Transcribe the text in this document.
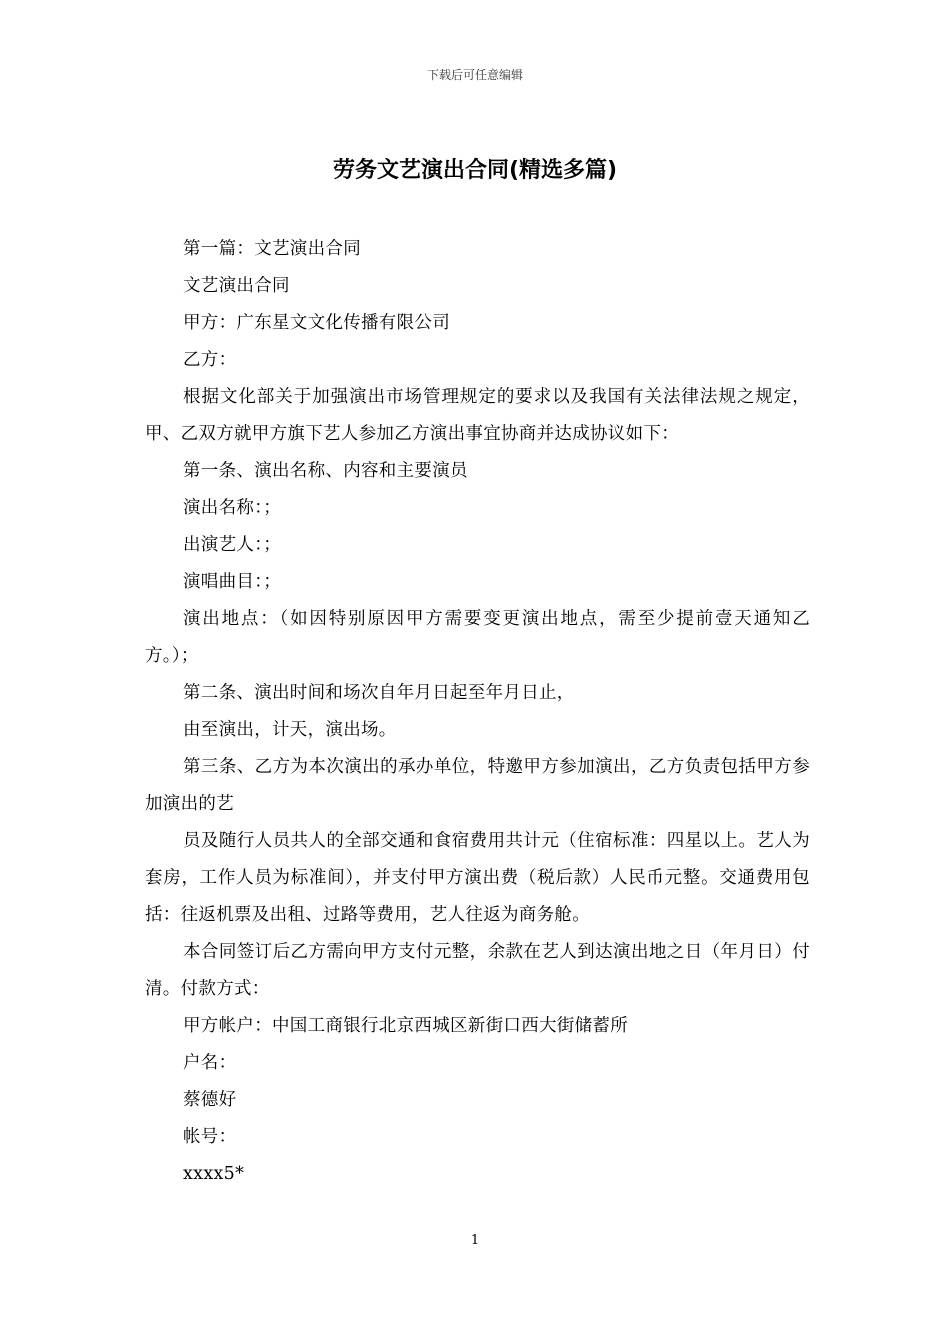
下载后可任意编辑
劳务文艺演出合同(精选多篇)

第一篇：文艺演出合同

文艺演出合同

甲方：广东星文文化传播有限公司

乙方：

根据文化部关于加强演出市场管理规定的要求以及我国有关法律法规之规定，甲、乙双方就甲方旗下艺人参加乙方演出事宜协商并达成协议如下：

第一条、演出名称、内容和主要演员

演出名称：；

出演艺人：；

演唱曲目：；

演出地点：（如因特别原因甲方需要变更演出地点，需至少提前壹天通知乙方。）；

第二条、演出时间和场次自年月日起至年月日止，

由至演出，计天，演出场。

第三条、乙方为本次演出的承办单位，特邀甲方参加演出，乙方负责包括甲方参加演出的艺

员及随行人员共人的全部交通和食宿费用共计元（住宿标准：四星以上。艺人为套房，工作人员为标准间），并支付甲方演出费（税后款）人民币元整。交通费用包括：往返机票及出租、过路等费用，艺人往返为商务舱。

本合同签订后乙方需向甲方支付元整，余款在艺人到达演出地之日（年月日）付清。付款方式：

甲方帐户：中国工商银行北京西城区新街口西大街储蓄所

户名：

蔡德好

帐号：

xxxx5*

1
